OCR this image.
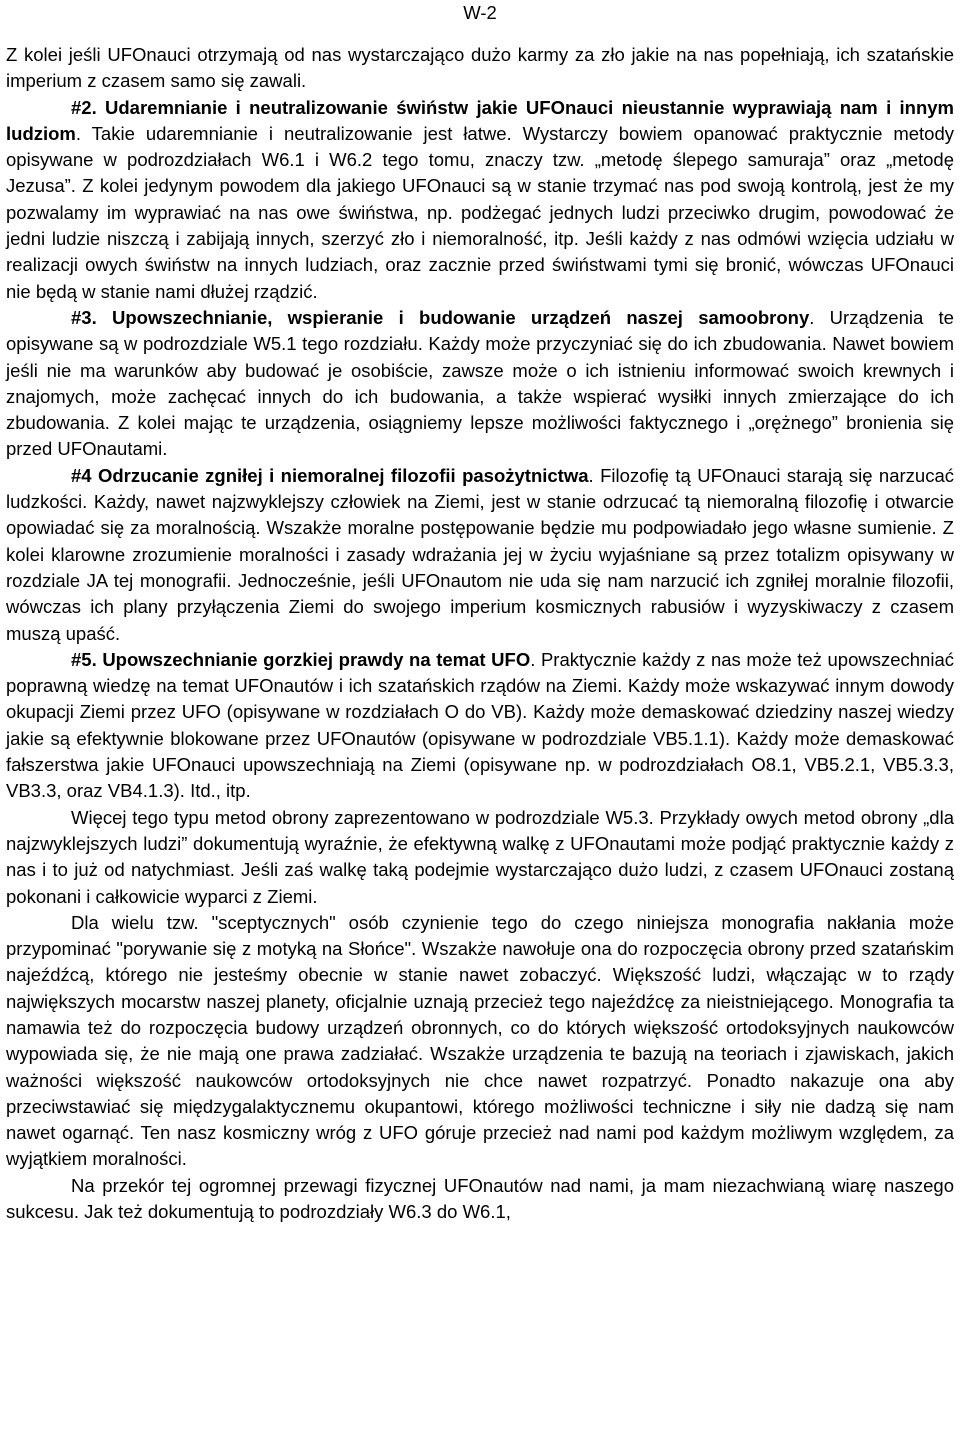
W-2

Z kolei jeśli UFOnauci otrzymają od nas wystarczająco dużo karmy za zło jakie na nas popełniają, ich szatańskie imperium z czasem samo się zawali.

#2. Udaremnianie i neutralizowanie świństw jakie UFOnauci nieustannie wyprawiają nam i innym ludziom. Takie udaremnianie i neutralizowanie jest łatwe. Wystarczy bowiem opanować praktycznie metody opisywane w podrozdziałach W6.1 i W6.2 tego tomu, znaczy tzw. „metodę ślepego samuraja” oraz „metodę Jezusa”. Z kolei jedynym powodem dla jakiego UFOnauci są w stanie trzymać nas pod swoją kontrolą, jest że my pozwalamy im wyprawiać na nas owe świństwa, np. podżegać jednych ludzi przeciwko drugim, powodować że jedni ludzie niszczą i zabijają innych, szerzyć zło i niemoralność, itp. Jeśli każdy z nas odmówi wzięcia udziału w realizacji owych świństw na innych ludziach, oraz zacznie przed świństwami tymi się bronić, wówczas UFOnauci nie będą w stanie nami dłużej rządzić.

#3. Upowszechnianie, wspieranie i budowanie urządzeń naszej samoobrony. Urządzenia te opisywane są w podrozdziale W5.1 tego rozdziału. Każdy może przyczyniać się do ich zbudowania. Nawet bowiem jeśli nie ma warunków aby budować je osobiście, zawsze może o ich istnieniu informować swoich krewnych i znajomych, może zachęcać innych do ich budowania, a także wspierać wysiłki innych zmierzające do ich zbudowania. Z kolei mając te urządzenia, osiągniemy lepsze możliwości faktycznego i „orężnego” bronienia się przed UFOnautami.

#4 Odrzucanie zgniłej i niemoralnej filozofii pasożytnictwa. Filozofię tą UFOnauci starają się narzucać ludzkości. Każdy, nawet najzwyklejszy człowiek na Ziemi, jest w stanie odrzucać tą niemoralną filozofię i otwarcie opowiadać się za moralnością. Wszakże moralne postępowanie będzie mu podpowiadało jego własne sumienie. Z kolei klarowne zrozumienie moralności i zasady wdrażania jej w życiu wyjaśniane są przez totalizm opisywany w rozdziale JA tej monografii. Jednocześnie, jeśli UFOnautom nie uda się nam narzucić ich zgniłej moralnie filozofii, wówczas ich plany przyłączenia Ziemi do swojego imperium kosmicznych rabusiów i wyzyskiwaczy z czasem muszą upaść.

#5. Upowszechnianie gorzkiej prawdy na temat UFO. Praktycznie każdy z nas może też upowszechniać poprawną wiedzę na temat UFOnautów i ich szatańskich rządów na Ziemi. Każdy może wskazywać innym dowody okupacji Ziemi przez UFO (opisywane w rozdziałach O do VB). Każdy może demaskować dziedziny naszej wiedzy jakie są efektywnie blokowane przez UFOnautów (opisywane w podrozdziale VB5.1.1). Każdy może demaskować fałszerstwa jakie UFOnauci upowszechniają na Ziemi (opisywane np. w podrozdziałach O8.1, VB5.2.1, VB5.3.3, VB3.3, oraz VB4.1.3). Itd., itp.

Więcej tego typu metod obrony zaprezentowano w podrozdziale W5.3. Przykłady owych metod obrony „dla najzwyklejszych ludzi” dokumentują wyraźnie, że efektywną walkę z UFOnautami może podjąć praktycznie każdy z nas i to już od natychmiast. Jeśli zaś walkę taką podejmie wystarczająco dużo ludzi, z czasem UFOnauci zostaną pokonani i całkowicie wyparci z Ziemi.

Dla wielu tzw. "sceptycznych" osób czynienie tego do czego niniejsza monografia nakłania może przypominać "porywanie się z motyką na Słońce". Wszakże nawołuje ona do rozpoczęcia obrony przed szatańskim najeźdźcą, którego nie jesteśmy obecnie w stanie nawet zobaczyć. Większość ludzi, włączając w to rządy największych mocarstw naszej planety, oficjalnie uznają przecież tego najeźdźcę za nieistniejącego. Monografia ta namawia też do rozpoczęcia budowy urządzeń obronnych, co do których większość ortodoksyjnych naukowców wypowiada się, że nie mają one prawa zadziałać. Wszakże urządzenia te bazują na teoriach i zjawiskach, jakich ważności większość naukowców ortodoksyjnych nie chce nawet rozpatrzyć. Ponadto nakazuje ona aby przeciwstawiać się międzygalaktycznemu okupantowi, którego możliwości techniczne i siły nie dadzą się nam nawet ogarnąć. Ten nasz kosmiczny wróg z UFO góruje przecież nad nami pod każdym możliwym względem, za wyjątkiem moralności.

Na przekór tej ogromnej przewagi fizycznej UFOnautów nad nami, ja mam niezachwianą wiarę naszego sukcesu. Jak też dokumentują to podrozdziały W6.3 do W6.1,
